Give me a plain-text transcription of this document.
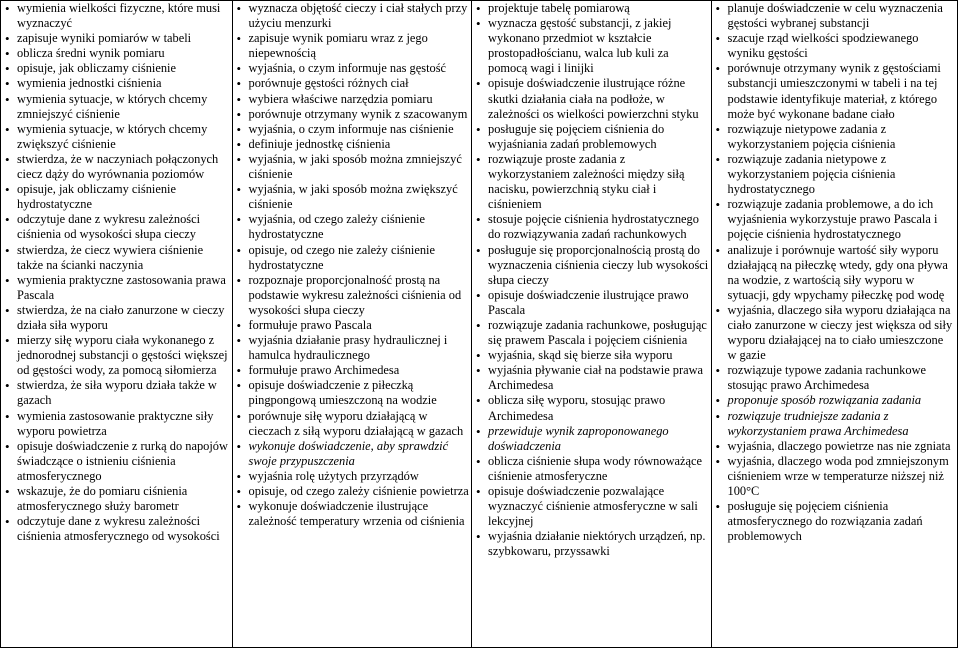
• wymienia wielkości fizyczne, które musi wyznaczyć
• zapisuje wyniki pomiarów w tabeli
• oblicza średni wynik pomiaru
• opisuje, jak obliczamy ciśnienie
• wymienia jednostki ciśnienia
• wymienia sytuacje, w których chcemy zmniejszyć ciśnienie
• wymienia sytuacje, w których chcemy zwiększyć ciśnienie
• stwierdza, że w naczyniach połączonych ciecz dąży do wyrównania poziomów
• opisuje, jak obliczamy ciśnienie hydrostatyczne
• odczytuje dane z wykresu zależności ciśnienia od wysokości słupa cieczy
• stwierdza, że ciecz wywiera ciśnienie także na ścianki naczynia
• wymienia praktyczne zastosowania prawa Pascala
• stwierdza, że na ciało zanurzone w cieczy działa siła wyporu
• mierzy siłę wyporu ciała wykonanego z jednorodnej substancji o gęstości większej od gęstości wody, za pomocą siłomierza
• stwierdza, że siła wyporu działa także w gazach
• wymienia zastosowanie praktyczne siły wyporu powietrza
• opisuje doświadczenie z rurką do napojów świadczące o istnieniu ciśnienia atmosferycznego
• wskazuje, że do pomiaru ciśnienia atmosferycznego służy barometr
• odczytuje dane z wykresu zależności ciśnienia atmosferycznego od wysokości
• wyznacza objętość cieczy i ciał stałych przy użyciu menzurki
• zapisuje wynik pomiaru wraz z jego niepewnością
• wyjaśnia, o czym informuje nas gęstość
• porównuje gęstości różnych ciał
• wybiera właściwe narzędzia pomiaru
• porównuje otrzymany wynik z szacowanym
• wyjaśnia, o czym informuje nas ciśnienie
• definiuje jednostkę ciśnienia
• wyjaśnia, w jaki sposób można zmniejszyć ciśnienie
• wyjaśnia, w jaki sposób można zwiększyć ciśnienie
• wyjaśnia, od czego zależy ciśnienie hydrostatyczne
• opisuje, od czego nie zależy ciśnienie hydrostatyczne
• rozpoznaje proporcjonalność prostą na podstawie wykresu zależności ciśnienia od wysokości słupa cieczy
• formułuje prawo Pascala
• wyjaśnia działanie prasy hydraulicznej i hamulca hydraulicznego
• formułuje prawo Archimedesa
• opisuje doświadczenie z piłeczką pingpongową umieszczoną na wodzie
• porównuje siłę wyporu działającą w cieczach z siłą wyporu działającą w gazach
• wykonuje doświadczenie, aby sprawdzić swoje przypuszczenia
• wyjaśnia rolę użytych przyrządów
• opisuje, od czego zależy ciśnienie powietrza
• wykonuje doświadczenie ilustrujące zależność temperatury wrzenia od ciśnienia
• projektuje tabelę pomiarową
• wyznacza gęstość substancji, z jakiej wykonano przedmiot w kształcie prostopadłościanu, walca lub kuli za pomocą wagi i linijki
• opisuje doświadczenie ilustrujące różne skutki działania ciała na podłoże, w zależności os wielkości powierzchni styku
• posługuje się pojęciem ciśnienia do wyjaśniania zadań problemowych
• rozwiązuje proste zadania z wykorzystaniem zależności między siłą nacisku, powierzchnią styku ciał i ciśnieniem
• stosuje pojęcie ciśnienia hydrostatycznego do rozwiązywania zadań rachunkowych
• posługuje się proporcjonalnością prostą do wyznaczenia ciśnienia cieczy lub wysokości słupa cieczy
• opisuje doświadczenie ilustrujące prawo Pascala
• rozwiązuje zadania rachunkowe, posługując się prawem Pascala i pojęciem ciśnienia
• wyjaśnia, skąd się bierze siła wyporu
• wyjaśnia pływanie ciał na podstawie prawa Archimedesa
• oblicza siłę wyporu, stosując prawo Archimedesa
• przewiduje wynik zaproponowanego doświadczenia
• oblicza ciśnienie słupa wody równoważące ciśnienie atmosferyczne
• opisuje doświadczenie pozwalające wyznaczyć ciśnienie atmosferyczne w sali lekcyjnej
• wyjaśnia działanie niektórych urządzeń, np. szybkowaru, przyssawki
• planuje doświadczenie w celu wyznaczenia gęstości wybranej substancji
• szacuje rząd wielkości spodziewanego wyniku gęstości
• porównuje otrzymany wynik z gęstościami substancji umieszczonymi w tabeli i na tej podstawie identyfikuje materiał, z którego może być wykonane badane ciało
• rozwiązuje nietypowe zadania z wykorzystaniem pojęcia ciśnienia
• rozwiązuje zadania nietypowe z wykorzystaniem pojęcia ciśnienia hydrostatycznego
• rozwiązuje zadania problemowe, a do ich wyjaśnienia wykorzystuje prawo Pascala i pojęcie ciśnienia hydrostatycznego
• analizuje i porównuje wartość siły wyporu działającą na piłeczkę wtedy, gdy ona pływa na wodzie, z wartością siły wyporu w sytuacji, gdy wpychamy piłeczkę pod wodę
• wyjaśnia, dlaczego siła wyporu działająca na ciało zanurzone w cieczy jest większa od siły wyporu działającej na to ciało umieszczone w gazie
• rozwiązuje typowe zadania rachunkowe stosując prawo Archimedesa
• proponuje sposób rozwiązania zadania
• rozwiązuje trudniejsze zadania z wykorzystaniem prawa Archimedesa
• wyjaśnia, dlaczego powietrze nas nie zgniata
• wyjaśnia, dlaczego woda pod zmniejszonym ciśnieniem wrze w temperaturze niższej niż 100°C
• posługuje się pojęciem ciśnienia atmosferycznego do rozwiązania zadań problemowych
